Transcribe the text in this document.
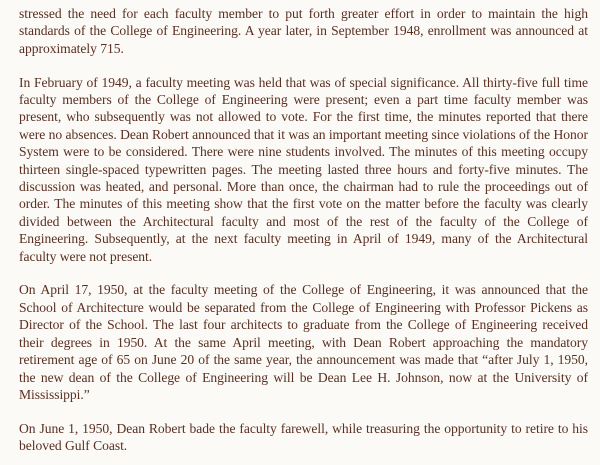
stressed the need for each faculty member to put forth greater effort in order to maintain the high standards of the College of Engineering. A year later, in September 1948, enrollment was announced at approximately 715.

In February of 1949, a faculty meeting was held that was of special significance. All thirty-five full time faculty members of the College of Engineering were present; even a part time faculty member was present, who subsequently was not allowed to vote. For the first time, the minutes reported that there were no absences. Dean Robert announced that it was an important meeting since violations of the Honor System were to be considered. There were nine students involved. The minutes of this meeting occupy thirteen single-spaced typewritten pages. The meeting lasted three hours and forty-five minutes. The discussion was heated, and personal. More than once, the chairman had to rule the proceedings out of order. The minutes of this meeting show that the first vote on the matter before the faculty was clearly divided between the Architectural faculty and most of the rest of the faculty of the College of Engineering. Subsequently, at the next faculty meeting in April of 1949, many of the Architectural faculty were not present.

On April 17, 1950, at the faculty meeting of the College of Engineering, it was announced that the School of Architecture would be separated from the College of Engineering with Professor Pickens as Director of the School. The last four architects to graduate from the College of Engineering received their degrees in 1950. At the same April meeting, with Dean Robert approaching the mandatory retirement age of 65 on June 20 of the same year, the announcement was made that “after July 1, 1950, the new dean of the College of Engineering will be Dean Lee H. Johnson, now at the University of Mississippi.”

On June 1, 1950, Dean Robert bade the faculty farewell, while treasuring the opportunity to retire to his beloved Gulf Coast.
